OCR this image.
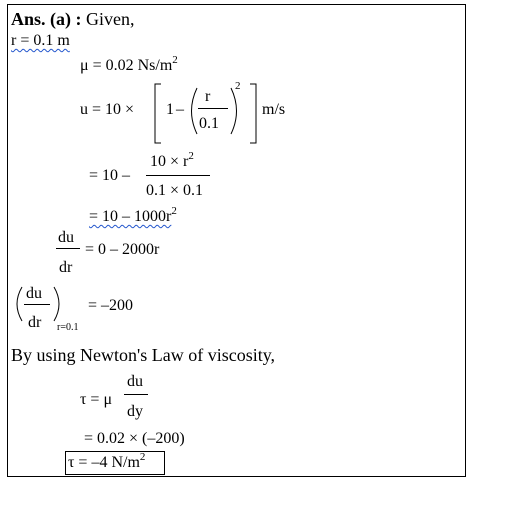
Ans. (a) : Given,
r = 0.1 m
μ = 0.02 $Ns/m^2$
u = 10 × 1 –
r
0.1
2
m/s
= 10 –
$10 \times r^2$
0.1 × 0.1
= $10 - 1000r^2$
du
dr
= 0 – 2000r
du
dr r=0.1
= –200
By using Newton's Law of viscosity,
τ = μ
du
dy
= 0.02 × (–200)
τ = –4 $N/m^2$
